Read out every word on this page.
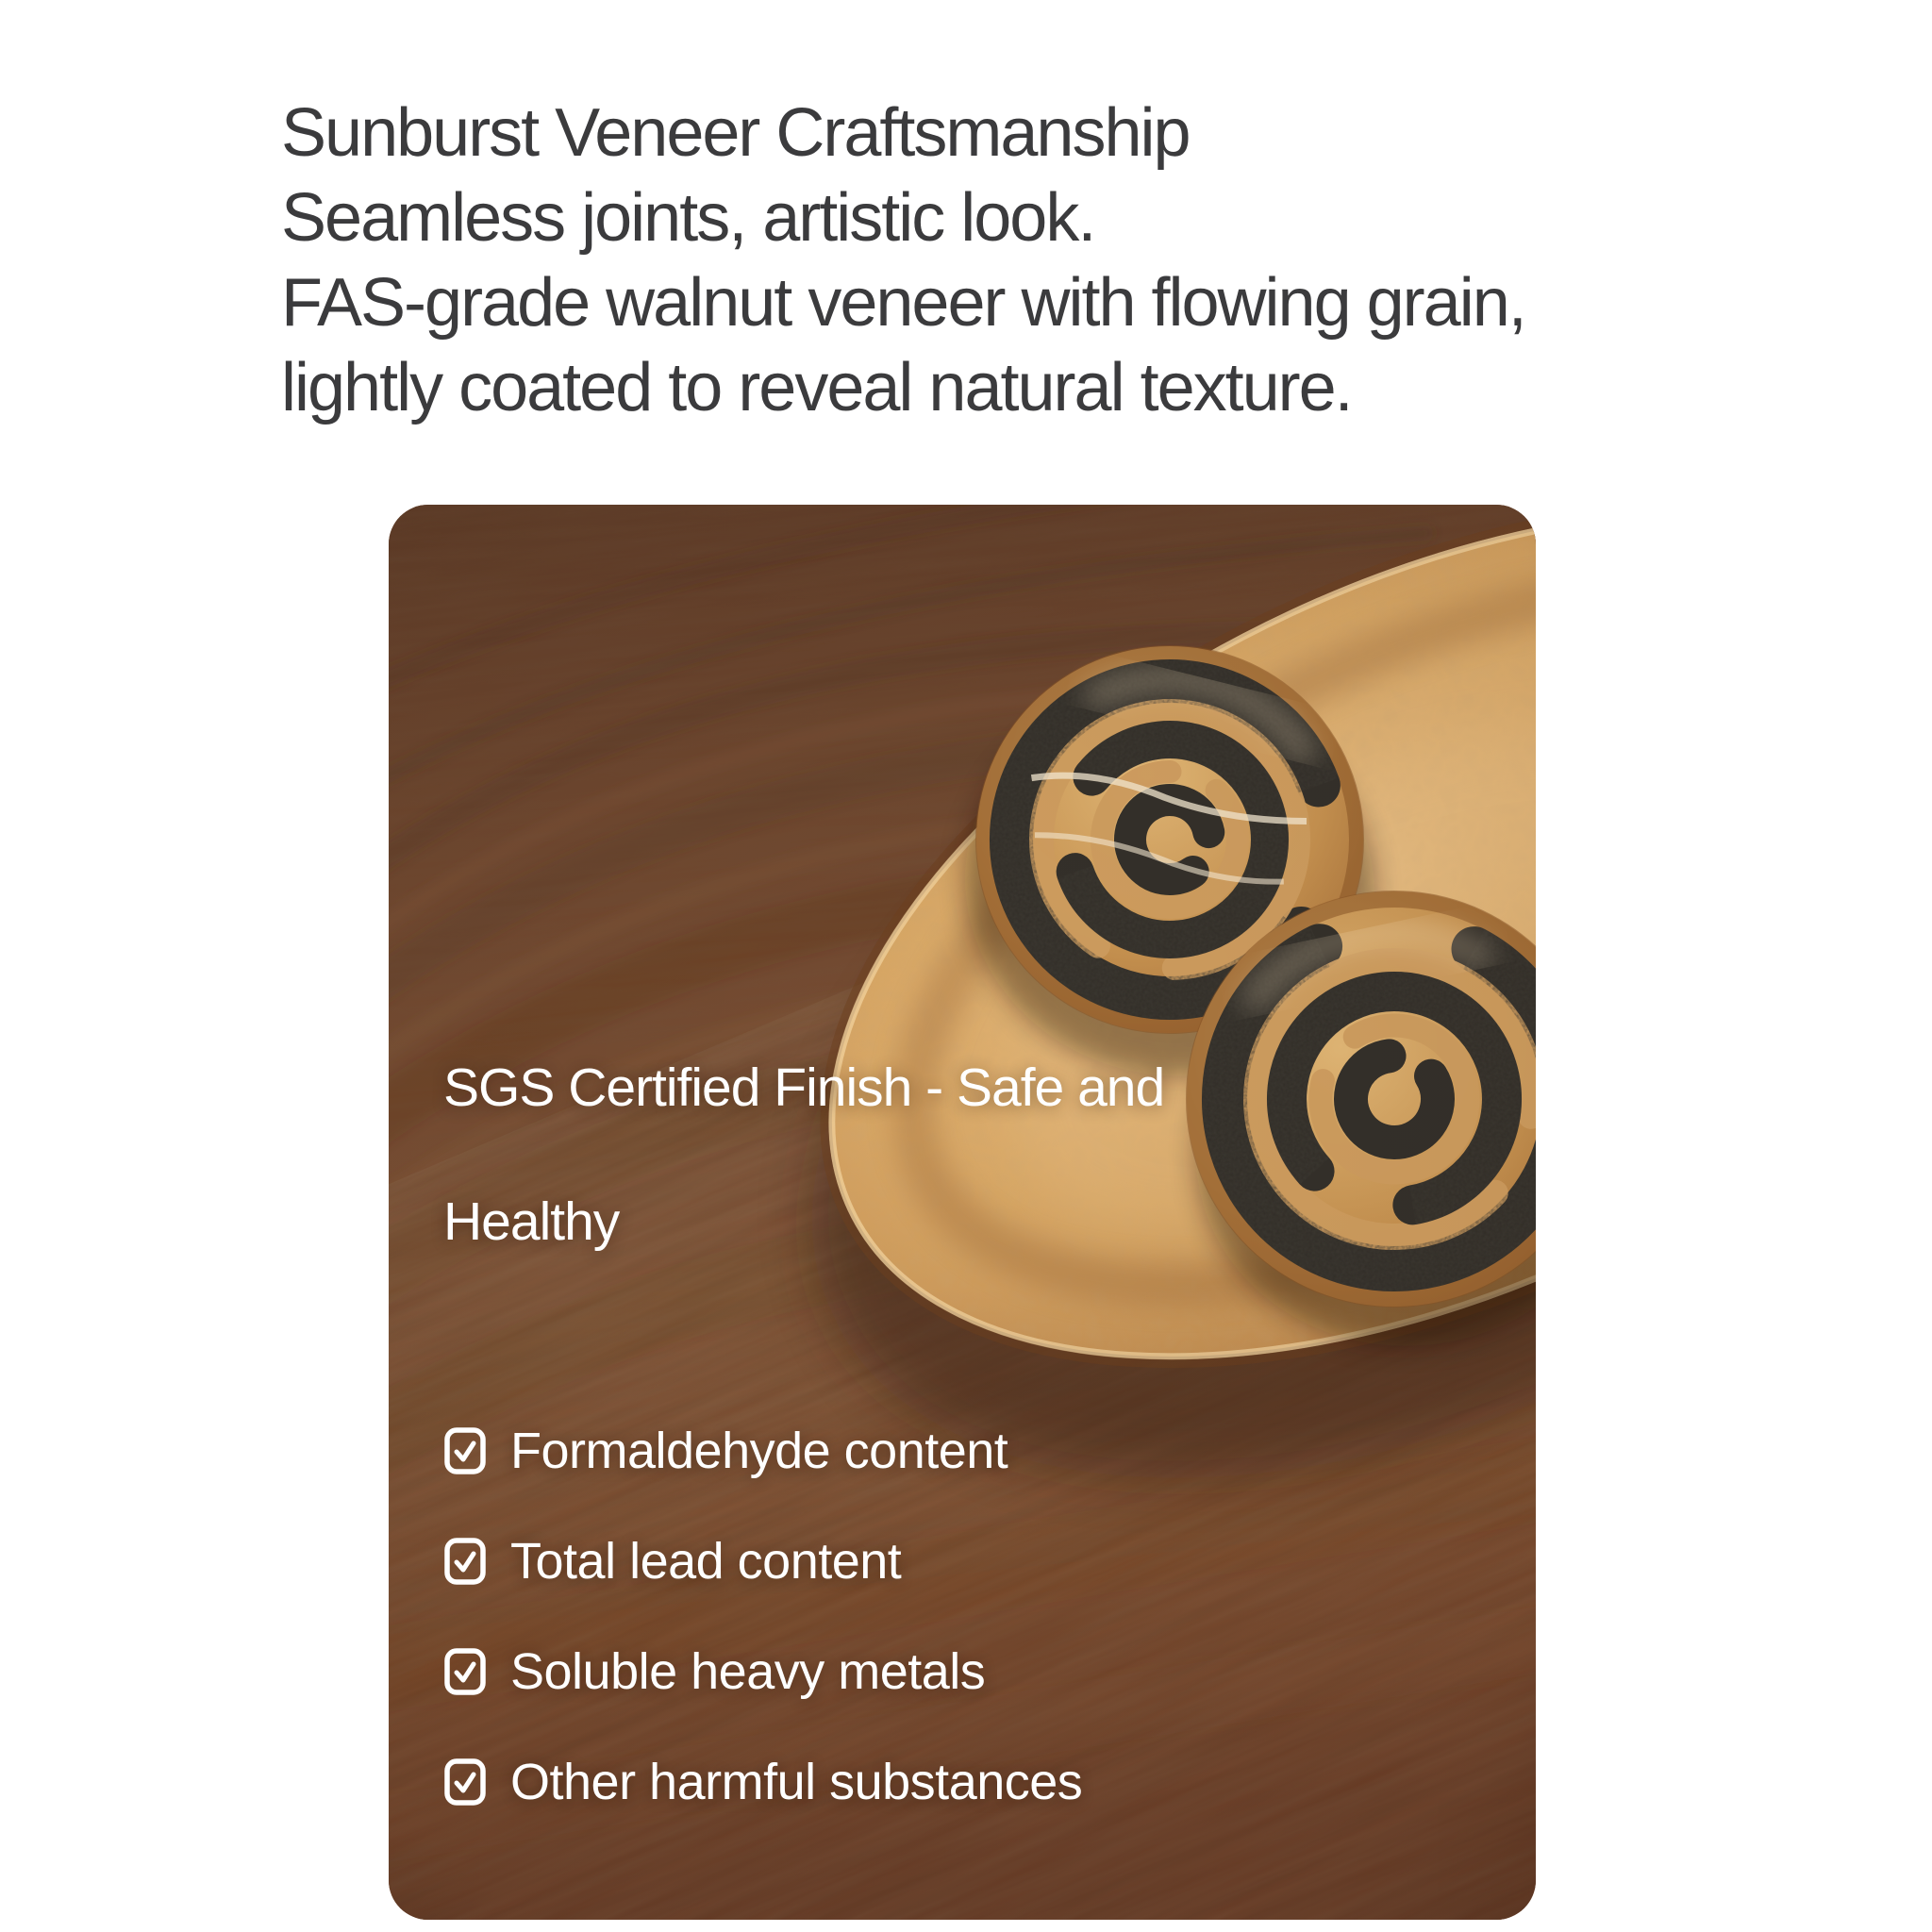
Sunburst Veneer Craftsmanship
Seamless joints, artistic look.
FAS-grade walnut veneer with flowing grain,
lightly coated to reveal natural texture.
SGS Certified Finish - Safe and
Healthy
Formaldehyde content
Total lead content
Soluble heavy metals
Other harmful substances
